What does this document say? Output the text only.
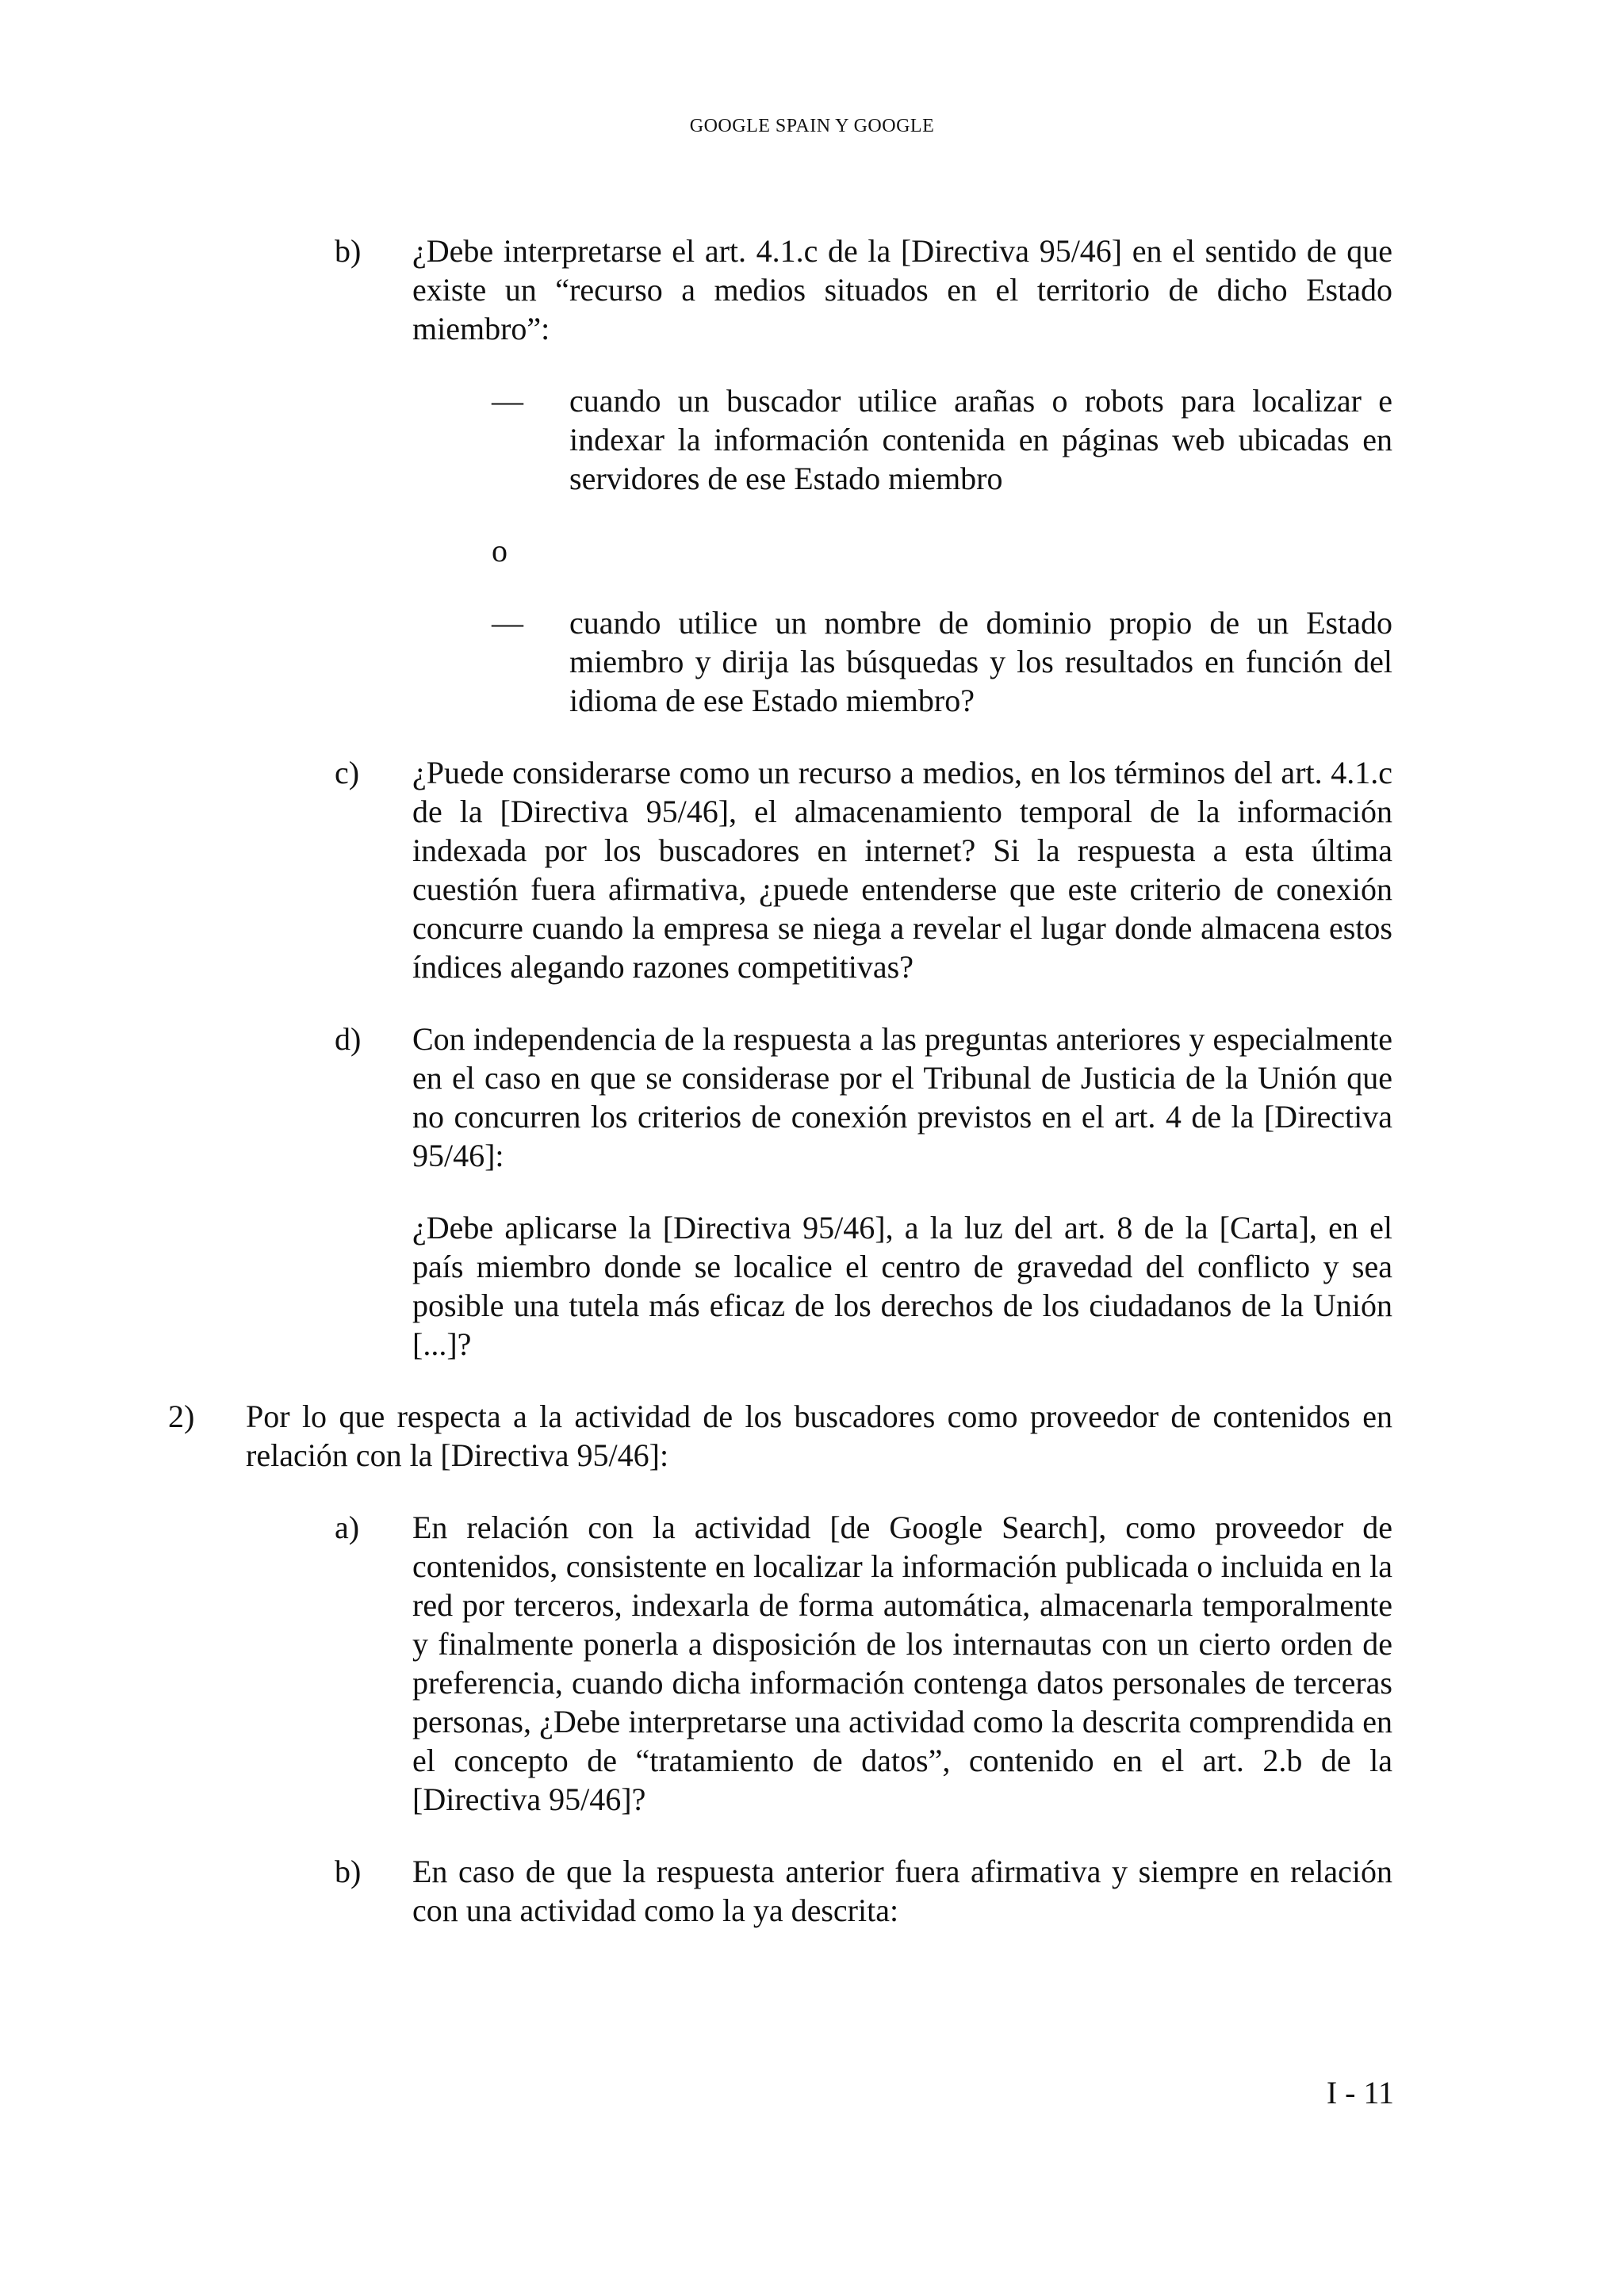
GOOGLE SPAIN Y GOOGLE
b) ¿Debe interpretarse el art. 4.1.c de la [Directiva 95/46] en el sentido de que existe un “recurso a medios situados en el territorio de dicho Estado miembro”:
— cuando un buscador utilice arañas o robots para localizar e indexar la información contenida en páginas web ubicadas en servidores de ese Estado miembro
o
— cuando utilice un nombre de dominio propio de un Estado miembro y dirija las búsquedas y los resultados en función del idioma de ese Estado miembro?
c) ¿Puede considerarse como un recurso a medios, en los términos del art. 4.1.c de la [Directiva 95/46], el almacenamiento temporal de la información indexada por los buscadores en internet? Si la respuesta a esta última cuestión fuera afirmativa, ¿puede entenderse que este criterio de conexión concurre cuando la empresa se niega a revelar el lugar donde almacena estos índices alegando razones competitivas?
d) Con independencia de la respuesta a las preguntas anteriores y especialmente en el caso en que se considerase por el Tribunal de Justicia de la Unión que no concurren los criterios de conexión previstos en el art. 4 de la [Directiva 95/46]:
¿Debe aplicarse la [Directiva 95/46], a la luz del art. 8 de la [Carta], en el país miembro donde se localice el centro de gravedad del conflicto y sea posible una tutela más eficaz de los derechos de los ciudadanos de la Unión [...]?
2) Por lo que respecta a la actividad de los buscadores como proveedor de contenidos en relación con la [Directiva 95/46]:
a) En relación con la actividad [de Google Search], como proveedor de contenidos, consistente en localizar la información publicada o incluida en la red por terceros, indexarla de forma automática, almacenarla temporalmente y finalmente ponerla a disposición de los internautas con un cierto orden de preferencia, cuando dicha información contenga datos personales de terceras personas, ¿Debe interpretarse una actividad como la descrita comprendida en el concepto de “tratamiento de datos”, contenido en el art. 2.b de la [Directiva 95/46]?
b) En caso de que la respuesta anterior fuera afirmativa y siempre en relación con una actividad como la ya descrita:
I - 11
